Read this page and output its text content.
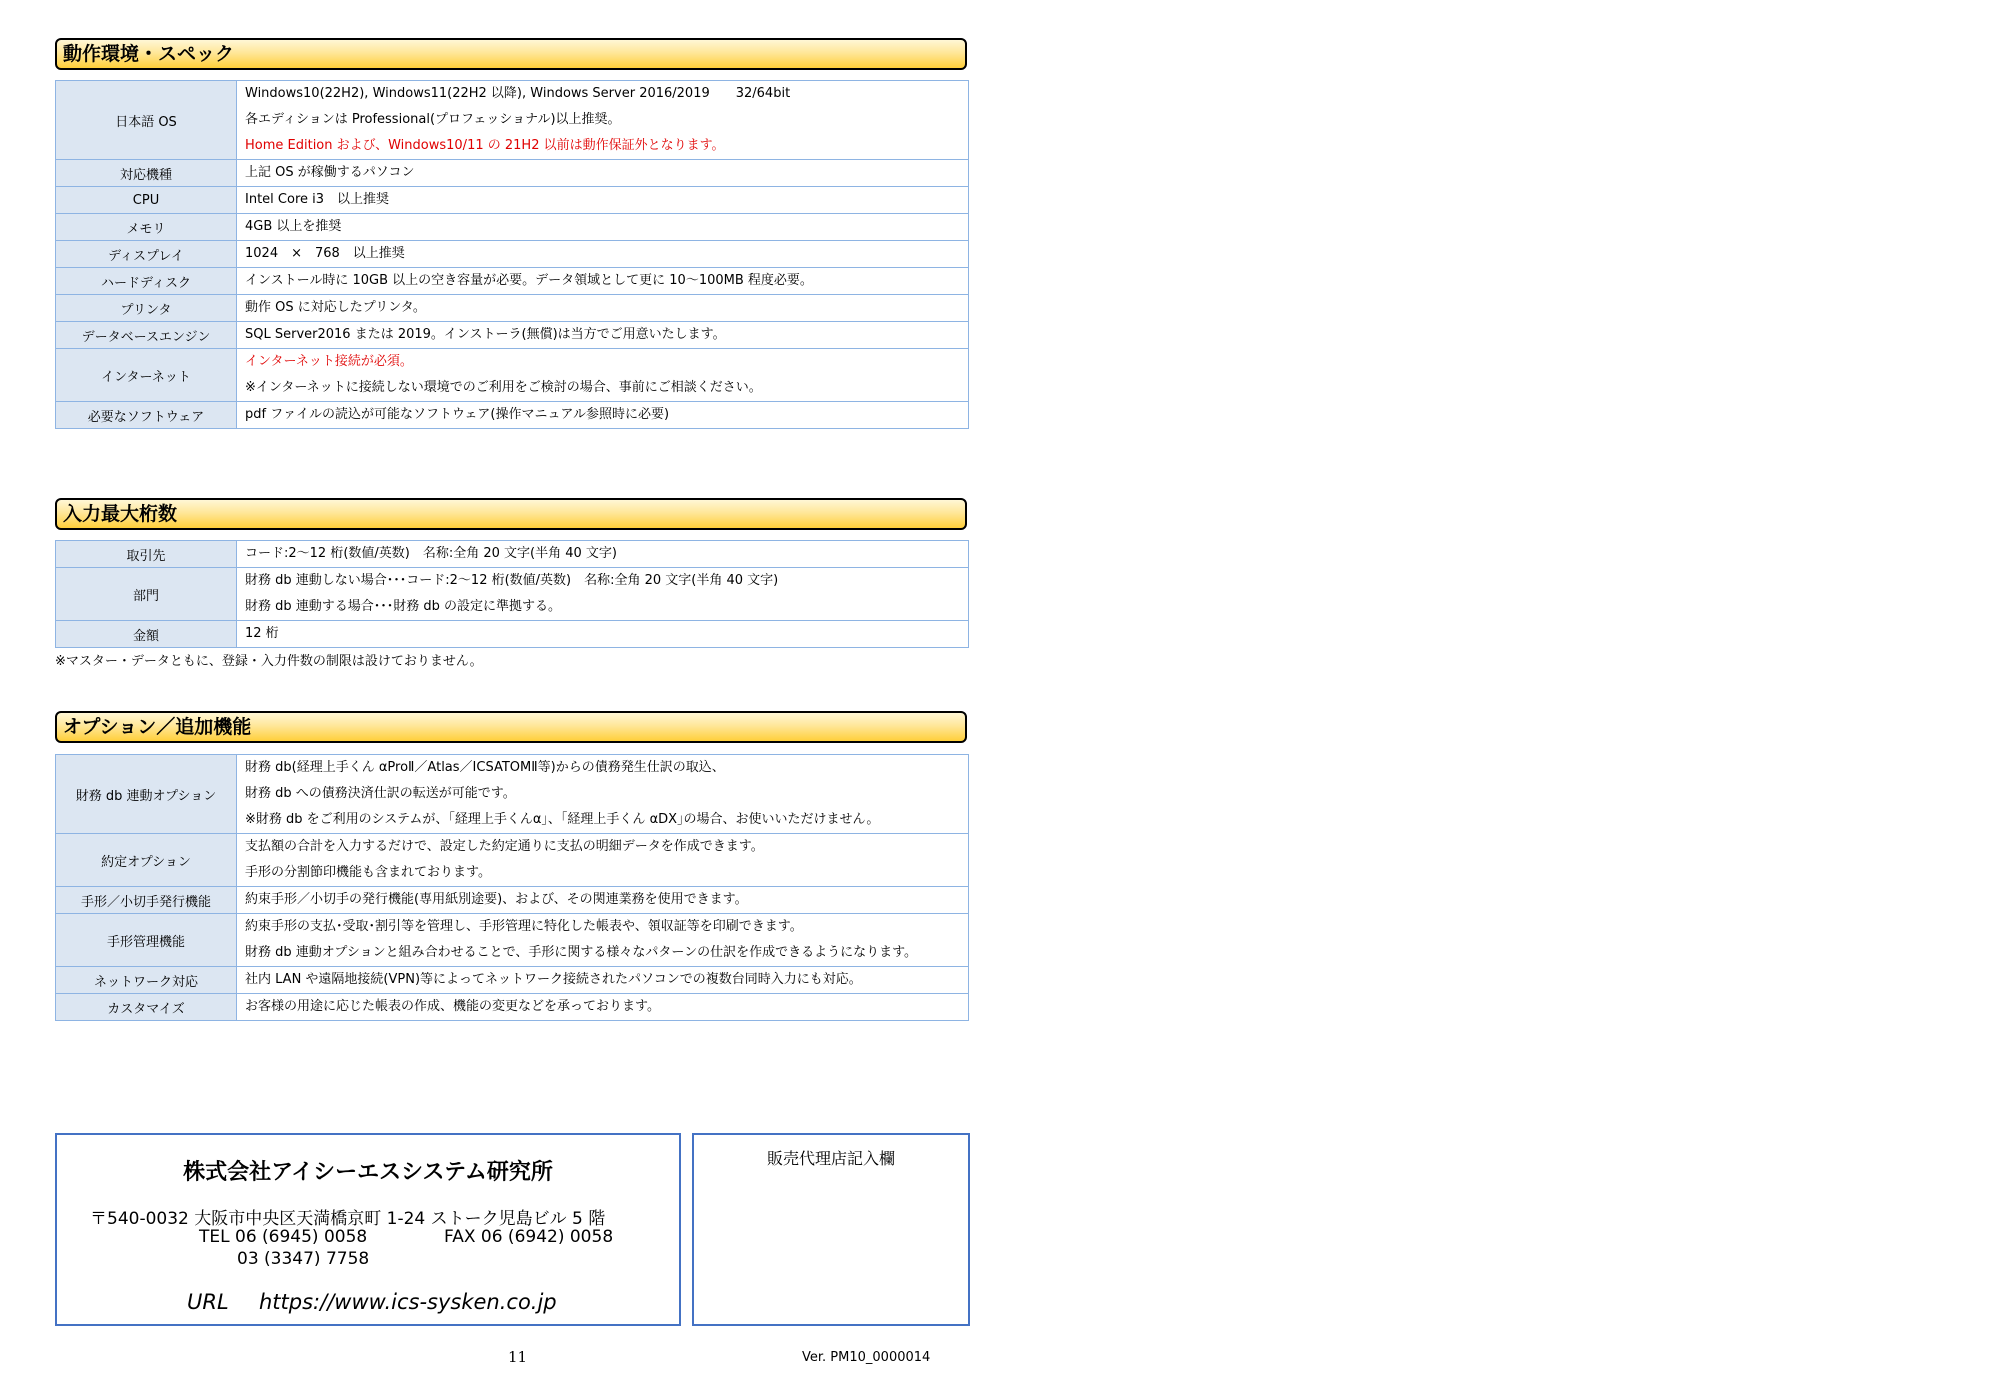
動作環境・スペック
日本語 OS	Windows10(22H2), Windows11(22H2 以降), Windows Server 2016/2019　　32/64bit
各エディションは Professional(プロフェッショナル)以上推奨。
Home Edition および、Windows10/11 の 21H2 以前は動作保証外となります。

対応機種	上記 OS が稼働するパソコン

CPU	Intel Core i3　以上推奨

メモリ	4GB 以上を推奨

ディスプレイ	1024　×　768　以上推奨

ハードディスク	インストール時に 10GB 以上の空き容量が必要。データ領域として更に 10～100MB 程度必要。

プリンタ	動作 OS に対応したプリンタ。

データベースエンジン	SQL Server2016 または 2019。インストーラ(無償)は当方でご用意いたします。

インターネット	インターネット接続が必須。
※インターネットに接続しない環境でのご利用をご検討の場合、事前にご相談ください。

必要なソフトウェア	pdf ファイルの読込が可能なソフトウェア(操作マニュアル参照時に必要)
入力最大桁数
取引先	コード:2～12 桁(数値/英数)　名称:全角 20 文字(半角 40 文字)

部門	財務 db 連動しない場合･･･コード:2～12 桁(数値/英数)　名称:全角 20 文字(半角 40 文字)
財務 db 連動する場合･･･財務 db の設定に準拠する。

金額	12 桁
※マスター・データともに、登録・入力件数の制限は設けておりません。
オプション／追加機能
財務 db 連動オプション	財務 db(経理上手くん αProⅡ／Atlas／ICSATOMⅡ等)からの債務発生仕訳の取込、
財務 db への債務決済仕訳の転送が可能です。
※財務 db をご利用のシステムが、｢経理上手くんα｣、｢経理上手くん αDX｣の場合、お使いいただけません。

約定オプション	支払額の合計を入力するだけで、設定した約定通りに支払の明細データを作成できます。
手形の分割節印機能も含まれております。

手形／小切手発行機能	約束手形／小切手の発行機能(専用紙別途要)、および、その関連業務を使用できます。

手形管理機能	約束手形の支払･受取･割引等を管理し、手形管理に特化した帳表や、領収証等を印刷できます。
財務 db 連動オプションと組み合わせることで、手形に関する様々なパターンの仕訳を作成できるようになります。

ネットワーク対応	社内 LAN や遠隔地接続(VPN)等によってネットワーク接続されたパソコンでの複数台同時入力にも対応。

カスタマイズ	お客様の用途に応じた帳表の作成、機能の変更などを承っております。
株式会社アイシーエスシステム研究所
〒540-0032 大阪市中央区天満橋京町 1-24 ストーク児島ビル 5 階
TEL 06 (6945) 0058	FAX 06 (6942) 0058
03 (3347) 7758
URL https://www.ics-sysken.co.jp
販売代理店記入欄
11	Ver. PM10_0000014
